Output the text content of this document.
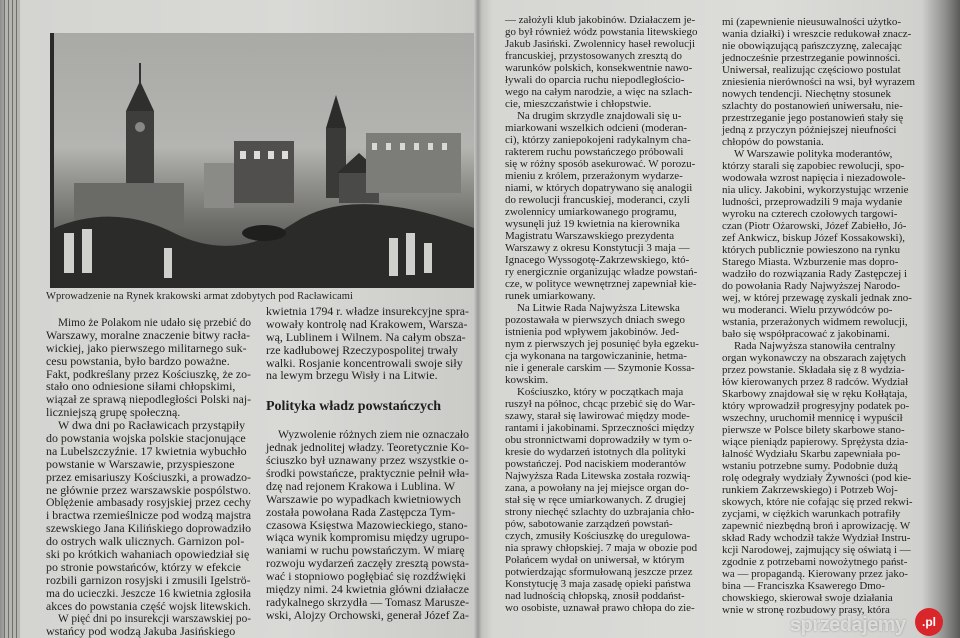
Wprowadzenie na Rynek krakowski armat zdobytych pod Racławicami
Mimo że Polakom nie udało się przebić do
Warszawy, moralne znaczenie bitwy racła-
wickiej, jako pierwszego militarnego suk-
cesu powstania, było bardzo poważne.
Fakt, podkreślany przez Kościuszkę, że zo-
stało ono odniesione siłami chłopskimi,
wiązał ze sprawą niepodległości Polski naj-
liczniejszą grupę społeczną.
W dwa dni po Racławicach przystąpiły
do powstania wojska polskie stacjonujące
na Lubelszczyźnie. 17 kwietnia wybuchło
powstanie w Warszawie, przyspieszone
przez emisariuszy Kościuszki, a prowadzo-
ne głównie przez warszawskie pospólstwo.
Oblężenie ambasady rosyjskiej przez cechy
i bractwa rzemieślnicze pod wodzą majstra
szewskiego Jana Kilińskiego doprowadziło
do ostrych walk ulicznych. Garnizon pol-
ski po krótkich wahaniach opowiedział się
po stronie powstańców, którzy w efekcie
rozbili garnizon rosyjski i zmusili Igelströ-
ma do ucieczki. Jeszcze 16 kwietnia zgłosiła
akces do powstania część wojsk litewskich.
W pięć dni po insurekcji warszawskiej po-
wstańcy pod wodzą Jakuba Jasińskiego
kwietnia 1794 r. władze insurekcyjne spra-
wowały kontrolę nad Krakowem, Warsza-
wą, Lublinem i Wilnem. Na całym obsza-
rze kadłubowej Rzeczypospolitej trwały
walki. Rosjanie koncentrowali swoje siły
na lewym brzegu Wisły i na Litwie.
Polityka władz powstańczych
Wyzwolenie różnych ziem nie oznaczało
jednak jednolitej władzy. Teoretycznie Ko-
ściuszko był uznawany przez wszystkie o-
środki powstańcze, praktycznie pełnił wła-
dzę nad rejonem Krakowa i Lublina. W
Warszawie po wypadkach kwietniowych
została powołana Rada Zastępcza Tym-
czasowa Księstwa Mazowieckiego, stano-
wiąca wynik kompromisu między ugrupo-
waniami w ruchu powstańczym. W miarę
rozwoju wydarzeń zaczęły zresztą powsta-
wać i stopniowo pogłębiać się rozdźwięki
między nimi. 24 kwietnia główni działacze
radykalnego skrzydła — Tomasz Marusze-
wski, Alojzy Orchowski, generał Józef Za-
— założyli klub jakobinów. Działaczem je-
go był również wódz powstania litewskiego
Jakub Jasiński. Zwolennicy haseł rewolucji
francuskiej, przystosowanych zresztą do
warunków polskich, konsekwentnie nawo-
ływali do oparcia ruchu niepodległościo-
wego na całym narodzie, a więc na szlach-
cie, mieszczaństwie i chłopstwie.
Na drugim skrzydle znajdowali się u-
miarkowani wszelkich odcieni (moderan-
ci), którzy zaniepokojeni radykalnym cha-
rakterem ruchu powstańczego próbowali
się w różny sposób asekurować. W porozu-
mieniu z królem, przerażonym wydarze-
niami, w których dopatrywano się analogii
do rewolucji francuskiej, moderanci, czyli
zwolennicy umiarkowanego programu,
wysunęli już 19 kwietnia na kierownika
Magistratu Warszawskiego prezydenta
Warszawy z okresu Konstytucji 3 maja —
Ignacego Wyssogotę-Zakrzewskiego, któ-
ry energicznie organizując władze powstań-
cze, w polityce wewnętrznej zapewniał kie-
runek umiarkowany.
Na Litwie Rada Najwyższa Litewska
pozostawała w pierwszych dniach swego
istnienia pod wpływem jakobinów. Jed-
nym z pierwszych jej posunięć była egzeku-
cja wykonana na targowiczaninie, hetma-
nie i generale carskim — Szymonie Kossa-
kowskim.
Kościuszko, który w początkach maja
ruszył na północ, chcąc przebić się do War-
szawy, starał się lawirować między mode-
rantami i jakobinami. Sprzeczności między
obu stronnictwami doprowadziły w tym o-
kresie do wydarzeń istotnych dla polityki
powstańczej. Pod naciskiem moderantów
Najwyższa Rada Litewska została rozwią-
zana, a powołany na jej miejsce organ do-
stał się w ręce umiarkowanych. Z drugiej
strony niechęć szlachty do uzbrajania chło-
pów, sabotowanie zarządzeń powstań-
czych, zmusiły Kościuszkę do uregulowa-
nia sprawy chłopskiej. 7 maja w obozie pod
Połańcem wydał on uniwersał, w którym
potwierdzając sformułowaną jeszcze przez
Konstytucję 3 maja zasadę opieki państwa
nad ludnością chłopską, znosił poddańst-
wo osobiste, uznawał prawo chłopa do zie-
mi (zapewnienie nieusuwalności użytko-
wania działki) i wreszcie redukował znacz-
nie obowiązującą pańszczyznę, zalecając
jednocześnie przestrzeganie powinności.
Uniwersał, realizując częściowo postulat
zniesienia nierówności na wsi, był wyrazem
nowych tendencji. Niechętny stosunek
szlachty do postanowień uniwersału, nie-
przestrzeganie jego postanowień stały się
jedną z przyczyn późniejszej nieufności
chłopów do powstania.
W Warszawie polityka moderantów,
którzy starali się zapobiec rewolucji, spo-
wodowała wzrost napięcia i niezadowole-
nia ulicy. Jakobini, wykorzystując wrzenie
ludności, przeprowadzili 9 maja wydanie
wyroku na czterech czołowych targowi-
czan (Piotr Ożarowski, Józef Zabiełło, Jó-
zef Ankwicz, biskup Józef Kossakowski),
których publicznie powieszono na rynku
Starego Miasta. Wzburzenie mas dopro-
wadziło do rozwiązania Rady Zastępczej i
do powołania Rady Najwyższej Narodo-
wej, w której przewagę zyskali jednak zno-
wu moderanci. Wielu przywódców po-
wstania, przerażonych widmem rewolucji,
bało się współpracować z jakobinami.
Rada Najwyższa stanowiła centralny
organ wykonawczy na obszarach zajętych
przez powstanie. Składała się z 8 wydzia-
łów kierowanych przez 8 radców. Wydział
Skarbowy znajdował się w ręku Kołłątaja,
który wprowadził progresyjny podatek po-
wszechny, uruchomił mennicę i wypuścił
pierwsze w Polsce bilety skarbowe stano-
wiące pieniądz papierowy. Sprężysta dzia-
łalność Wydziału Skarbu zapewniała po-
wstaniu potrzebne sumy. Podobnie dużą
rolę odegrały wydziały Żywności (pod kie-
runkiem Zakrzewskiego) i Potrzeb Woj-
skowych, które nie cofając się przed rekwi-
zycjami, w ciężkich warunkach potrafiły
zapewnić niezbędną broń i aprowizację. W
skład Rady wchodził także Wydział Instru-
kcji Narodowej, zajmujący się oświatą i —
zgodnie z potrzebami nowożytnego państ-
wa — propagandą. Kierowany przez jako-
bina — Franciszka Ksawerego Dmo-
chowskiego, skierował swoje działania
wnie w stronę rozbudowy prasy, która
sprzedajemy	.pl
